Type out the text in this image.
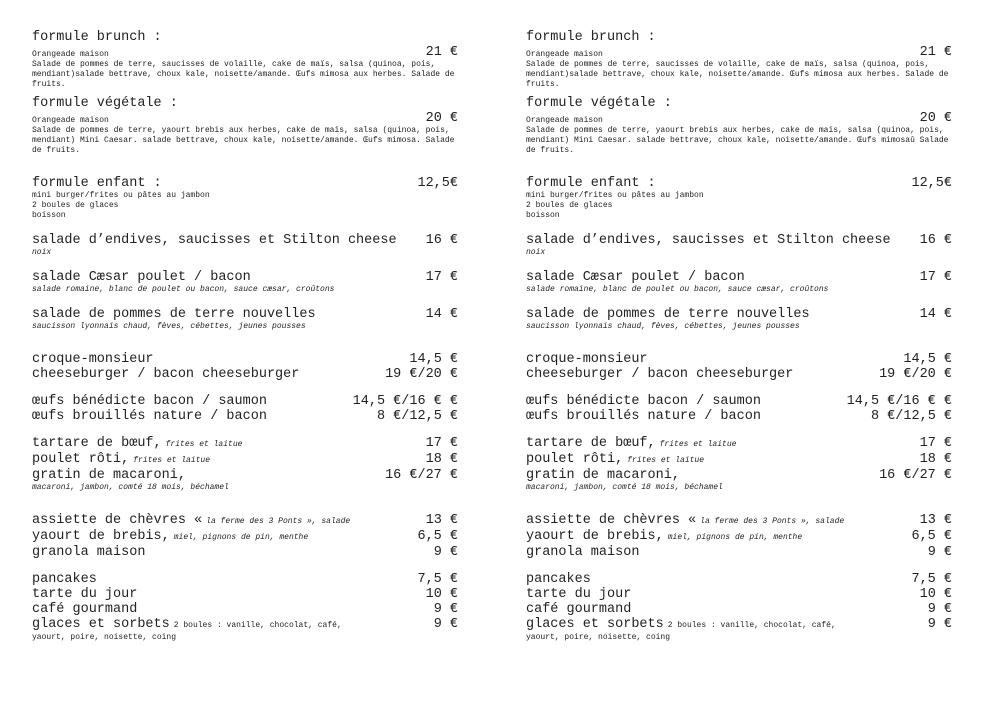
formule brunch :
Orangeade maison	21 €
Salade de pommes de terre, saucisses de volaille, cake de maïs, salsa (quinoa, pois, mendiant)salade bettrave, choux kale, noisette/amande. Œufs mimosa aux herbes. Salade de fruits.
formule végétale :
Orangeade maison	20 €
Salade de pommes de terre, yaourt brebis aux herbes, cake de maïs, salsa (quinoa, pois, mendiant) Mini Caesar. salade bettrave, choux kale, noisette/amande. Œufs mimosa. Salade de fruits.
formule enfant :	12,5€
mini burger/frites ou pâtes au jambon
2 boules de glaces
boisson
salade d’endives, saucisses et Stilton cheese 16 €
noix
salade Cæsar poulet / bacon	17 €
salade romaine, blanc de poulet ou bacon, sauce cæsar, croûtons
salade de pommes de terre nouvelles	14 €
saucisson lyonnais chaud, fèves, cébettes, jeunes pousses
croque-monsieur	14,5 €
cheeseburger / bacon cheeseburger	19 €/20 €
œufs bénédicte bacon / saumon	14,5 €/16 € €
œufs brouillés nature / bacon	8 €/12,5 €
tartare de bœuf, frites et laitue	17 €
poulet rôti, frites et laitue	18 €
gratin de macaroni,	16 €/27 €
macaroni, jambon, comté 18 mois, béchamel
assiette de chèvres « la ferme des 3 Ponts », salade	13 €
yaourt de brebis, miel, pignons de pin, menthe	6,5 €
granola maison	9 €
pancakes	7,5 €
tarte du jour	10 €
café gourmand	9 €
glaces et sorbets 2 boules : vanille, chocolat, café,	9 €
yaourt, poire, noisette, coing
formule brunch :
Orangeade maison	21 €
Salade de pommes de terre, saucisses de volaille, cake de maïs, salsa (quinoa, pois, mendiant)salade bettrave, choux kale, noisette/amande. Œufs mimosa aux herbes. Salade de fruits.
formule végétale :
Orangeade maison	20 €
Salade de pommes de terre, yaourt brebis aux herbes, cake de maïs, salsa (quinoa, pois, mendiant) Mini Caesar. salade bettrave, choux kale, noisette/amande. Œufs mimosaû Salade de fruits.
formule enfant :	12,5€
mini burger/frites ou pâtes au jambon
2 boules de glaces
boisson
salade d’endives, saucisses et Stilton cheese 16 €
noix
salade Cæsar poulet / bacon	17 €
salade romaine, blanc de poulet ou bacon, sauce cæsar, croûtons
salade de pommes de terre nouvelles	14 €
saucisson lyonnais chaud, fèves, cébettes, jeunes pousses
croque-monsieur	14,5 €
cheeseburger / bacon cheeseburger	19 €/20 €
œufs bénédicte bacon / saumon	14,5 €/16 € €
œufs brouillés nature / bacon	8 €/12,5 €
tartare de bœuf, frites et laitue	17 €
poulet rôti, frites et laitue	18 €
gratin de macaroni,	16 €/27 €
macaroni, jambon, comté 18 mois, béchamel
assiette de chèvres « la ferme des 3 Ponts », salade	13 €
yaourt de brebis, miel, pignons de pin, menthe	6,5 €
granola maison	9 €
pancakes	7,5 €
tarte du jour	10 €
café gourmand	9 €
glaces et sorbets 2 boules : vanille, chocolat, café,	9 €
yaourt, poire, noisette, coing
